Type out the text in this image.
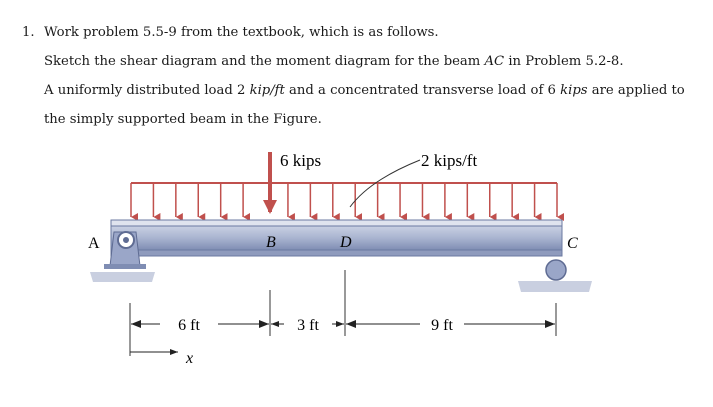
1. Work problem 5.5-9 from the textbook, which is as follows.
Sketch the shear diagram and the moment diagram for the beam AC in Problem 5.2-8.
A uniformly distributed load 2 kip/ft and a concentrated transverse load of 6 kips are applied to
the simply supported beam in the Figure.
6 kips	2 kips/ft
A	B	D	C
6 ft	3 ft	9 ft
x
